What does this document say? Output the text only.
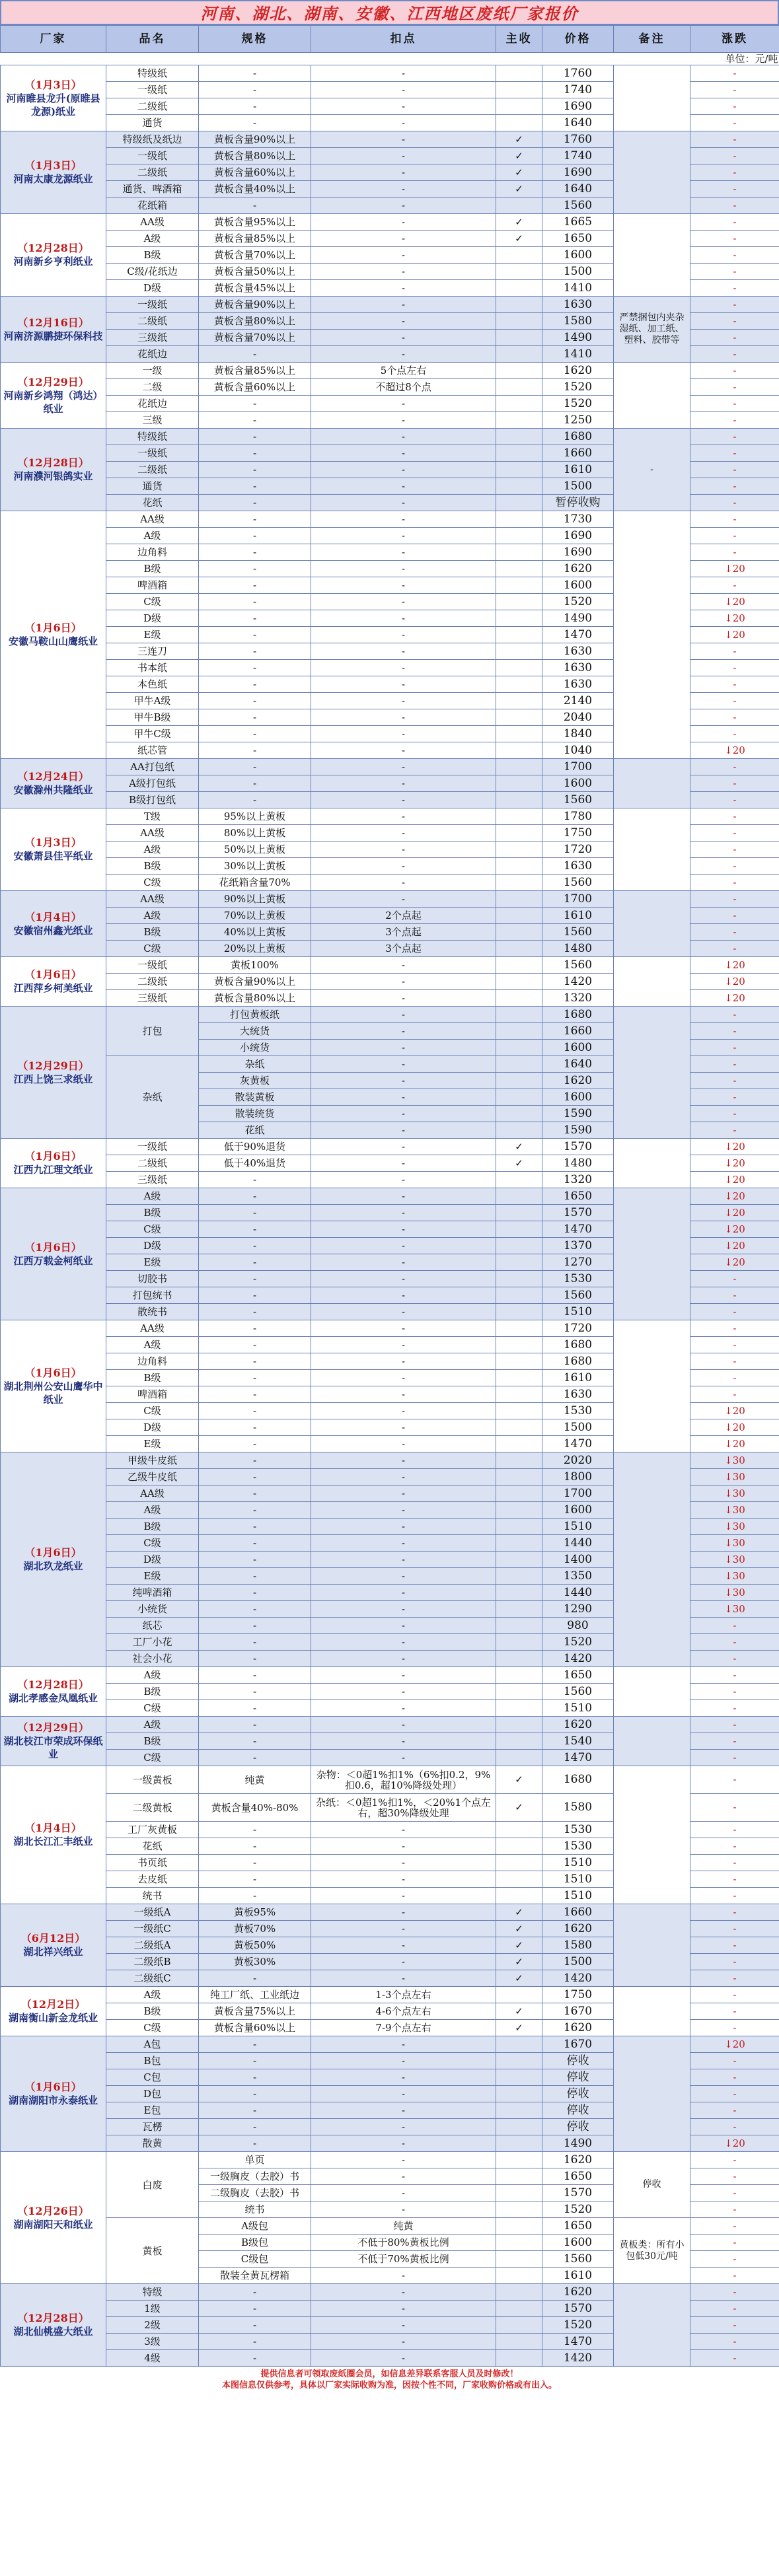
河南、湖北、湖南、安徽、江西地区废纸厂家报价
厂家	品名	规格	扣点	主收	价格	备注	涨跌
单位：元/吨							

（1月3日）
河南睢县龙升(原睢县龙源)纸业	特级纸	-	-		1760		-
	一级纸	-	-		1740		-
	二级纸	-	-		1690		-
	通货	-	-		1640		-

（1月3日）
河南太康龙源纸业	特级纸及纸边	黄板含量90%以上	-	✓	1760		-
	一级纸	黄板含量80%以上	-	✓	1740		-
	二级纸	黄板含量60%以上	-	✓	1690		-
	通货、啤酒箱	黄板含量40%以上	-	✓	1640		-
	花纸箱	-	-		1560		-

（12月28日）
河南新乡亨利纸业	AA级	黄板含量95%以上	-	✓	1665		-
	A级	黄板含量85%以上	-	✓	1650		-
	B级	黄板含量70%以上	-		1600		-
	C级/花纸边	黄板含量50%以上	-		1500		-
	D级	黄板含量45%以上	-		1410		-

（12月16日）
河南济源鹏捷环保科技	一级纸	黄板含量90%以上	-		1630	严禁捆包内夹杂湿纸、加工纸、塑料、胶带等	-
	二级纸	黄板含量80%以上	-		1580		-
	三级纸	黄板含量70%以上	-		1490		-
	花纸边	-	-		1410		-

（12月29日）
河南新乡鸿翔（鸿达）纸业	一级	黄板含量85%以上	5个点左右		1620		-
	二级	黄板含量60%以上	不超过8个点		1520		-
	花纸边	-	-		1520		-
	三级	-	-		1250		-

（12月28日）
河南濮河银鸽实业	特级纸	-	-		1680	-	-
	一级纸	-	-		1660		-
	二级纸	-	-		1610		-
	通货	-	-		1500		-
	花纸	-	-		暂停收购		-

（1月6日）
安徽马鞍山山鹰纸业	AA级	-	-		1730		-
	A级	-	-		1690		-
	边角料	-	-		1690		-
	B级	-	-		1620		↓20
	啤酒箱	-	-		1600		-
	C级	-	-		1520		↓20
	D级	-	-		1490		↓20
	E级	-	-		1470		↓20
	三连刀	-	-		1630		-
	书本纸	-	-		1630		-
	本色纸	-	-		1630		-
	甲牛A级	-	-		2140		-
	甲牛B级	-	-		2040		-
	甲牛C级	-	-		1840		-
	纸芯管	-	-		1040		↓20

（12月24日）
安徽滁州共隆纸业	AA打包纸	-	-		1700		-
	A级打包纸	-	-		1600		-
	B级打包纸	-	-		1560		-

（1月3日）
安徽萧县佳平纸业	T级	95%以上黄板	-		1780		-
	AA级	80%以上黄板	-		1750		-
	A级	50%以上黄板	-		1720		-
	B级	30%以上黄板	-		1630		-
	C级	花纸箱含量70%	-		1560		-

（1月4日）
安徽宿州鑫光纸业	AA级	90%以上黄板	-		1700		-
	A级	70%以上黄板	2个点起		1610		-
	B级	40%以上黄板	3个点起		1560		-
	C级	20%以上黄板	3个点起		1480		-

（1月6日）
江西萍乡柯美纸业	一级纸	黄板100%	-		1560		↓20
	二级纸	黄板含量90%以上	-		1420		↓20
	三级纸	黄板含量80%以上	-		1320		↓20

（12月29日）
江西上饶三求纸业	打包	打包黄板纸	-		1680		-
		大统货	-		1660		-
		小统货	-		1600		-
	杂纸	杂纸	-		1640		-
		灰黄板	-		1620		-
		散装黄板	-		1600		-
		散装统货	-		1590		-
		花纸	-		1590		-

（1月6日）
江西九江理文纸业	一级纸	低于90%退货	-	✓	1570		↓20
	二级纸	低于40%退货	-	✓	1480		↓20
	三级纸	-	-		1320		↓20

（1月6日）
江西万载金柯纸业	A级	-	-		1650		↓20
	B级	-	-		1570		↓20
	C级	-	-		1470		↓20
	D级	-	-		1370		↓20
	E级	-	-		1270		↓20
	切胶书	-	-		1530		-
	打包统书	-	-		1560		-
	散统书	-	-		1510		-

（1月6日）
湖北荆州公安山鹰华中纸业	AA级	-	-		1720		-
	A级	-	-		1680		-
	边角料	-	-		1680		-
	B级	-	-		1610		-
	啤酒箱	-	-		1630		-
	C级	-	-		1530		↓20
	D级	-	-		1500		↓20
	E级	-	-		1470		↓20

（1月6日）
湖北玖龙纸业	甲级牛皮纸	-	-		2020		↓30
	乙级牛皮纸	-	-		1800		↓30
	AA级	-	-		1700		↓30
	A级	-	-		1600		↓30
	B级	-	-		1510		↓30
	C级	-	-		1440		↓30
	D级	-	-		1400		↓30
	E级	-	-		1350		↓30
	纯啤酒箱	-	-		1440		↓30
	小统货	-	-		1290		↓30
	纸芯	-	-		980		-
	工厂小花	-	-		1520		-
	社会小花	-	-		1420		-

（12月28日）
湖北孝感金凤凰纸业	A级	-	-		1650		-
	B级	-	-		1560		-
	C级	-	-		1510		-

（12月29日）
湖北枝江市荣成环保纸业	A级	-	-		1620		-
	B级	-	-		1540		-
	C级	-	-		1470		-

（1月4日）
湖北长江汇丰纸业	一级黄板	纯黄	杂物：＜0超1%扣1%（6%扣0.2，9%扣0.6，超10%降级处理）	✓	1680		-
	二级黄板	黄板含量40%-80%	杂纸：＜0超1%扣1%，＜20%1个点左右，超30%降级处理	✓	1580		-
	工厂灰黄板	-	-		1530		-
	花纸	-	-		1530		-
	书页纸	-	-		1510		-
	去皮纸	-	-		1510		-
	统书	-	-		1510		-

（6月12日）
湖北祥兴纸业	一级纸A	黄板95%	-	✓	1660		-
	一级纸C	黄板70%	-	✓	1620		-
	二级纸A	黄板50%	-	✓	1580		-
	二级纸B	黄板30%	-	✓	1500		-
	二级纸C	-	-	✓	1420		-

（12月2日）
湖南衡山新金龙纸业	A级	纯工厂纸、工业纸边	1-3个点左右		1750		-
	B级	黄板含量75%以上	4-6个点左右	✓	1670		-
	C级	黄板含量60%以上	7-9个点左右	✓	1620		-

（1月6日）
湖南湖阳市永泰纸业	A包	-	-		1670		↓20
	B包	-	-		停收		-
	C包	-	-		停收		-
	D包	-	-		停收		-
	E包	-	-		停收		-
	瓦楞	-	-		停收		-
	散黄	-	-		1490		↓20

（12月26日）
湖南湖阳天和纸业	白废	单页	-		1620	停收	-
		一级胸皮（去胶）书	-		1650		-
		二级胸皮（去胶）书	-		1570		-
		统书	-		1520		-
	黄板	A级包	纯黄		1650	黄板类：所有小包低30元/吨	-
		B级包	不低于80%黄板比例		1600		-
		C级包	不低于70%黄板比例		1560		-
		散装全黄瓦楞箱	-		1610		-

（12月28日）
湖北仙桃盛大纸业	特级	-	-		1620		-
	1级	-	-		1570		-
	2级	-	-		1520		-
	3级	-	-		1470		-
	4级	-	-		1420		-
提供信息者可领取废纸圈会员，如信息差异联系客服人员及时修改！
本图信息仅供参考，具体以厂家实际收购为准，因按个性不同，厂家收购价格或有出入。
